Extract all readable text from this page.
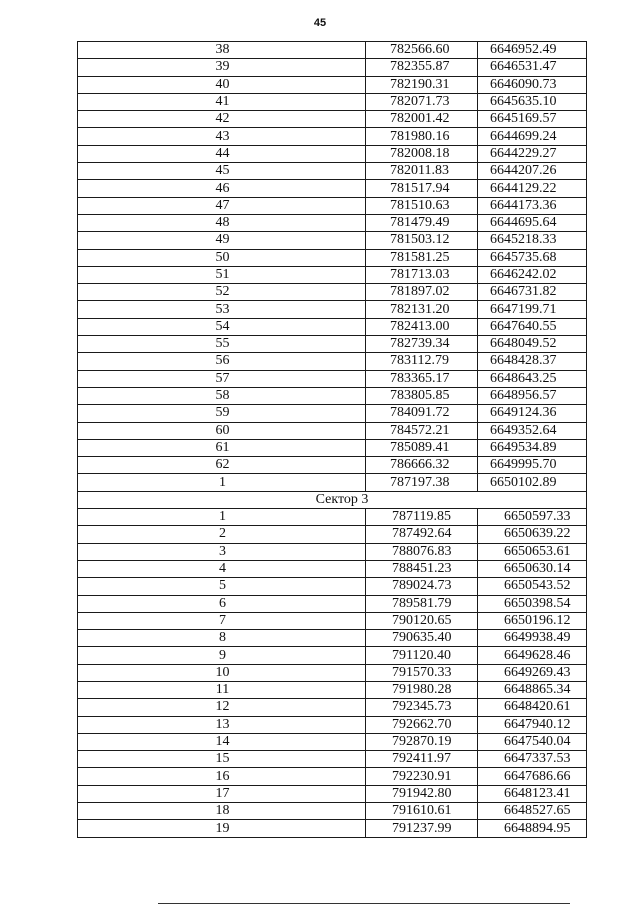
45
38	782566.60	6646952.49
39	782355.87	6646531.47
40	782190.31	6646090.73
41	782071.73	6645635.10
42	782001.42	6645169.57
43	781980.16	6644699.24
44	782008.18	6644229.27
45	782011.83	6644207.26
46	781517.94	6644129.22
47	781510.63	6644173.36
48	781479.49	6644695.64
49	781503.12	6645218.33
50	781581.25	6645735.68
51	781713.03	6646242.02
52	781897.02	6646731.82
53	782131.20	6647199.71
54	782413.00	6647640.55
55	782739.34	6648049.52
56	783112.79	6648428.37
57	783365.17	6648643.25
58	783805.85	6648956.57
59	784091.72	6649124.36
60	784572.21	6649352.64
61	785089.41	6649534.89
62	786666.32	6649995.70
1	787197.38	6650102.89
Сектор 3		
1	787119.85	6650597.33
2	787492.64	6650639.22
3	788076.83	6650653.61
4	788451.23	6650630.14
5	789024.73	6650543.52
6	789581.79	6650398.54
7	790120.65	6650196.12
8	790635.40	6649938.49
9	791120.40	6649628.46
10	791570.33	6649269.43
11	791980.28	6648865.34
12	792345.73	6648420.61
13	792662.70	6647940.12
14	792870.19	6647540.04
15	792411.97	6647337.53
16	792230.91	6647686.66
17	791942.80	6648123.41
18	791610.61	6648527.65
19	791237.99	6648894.95
